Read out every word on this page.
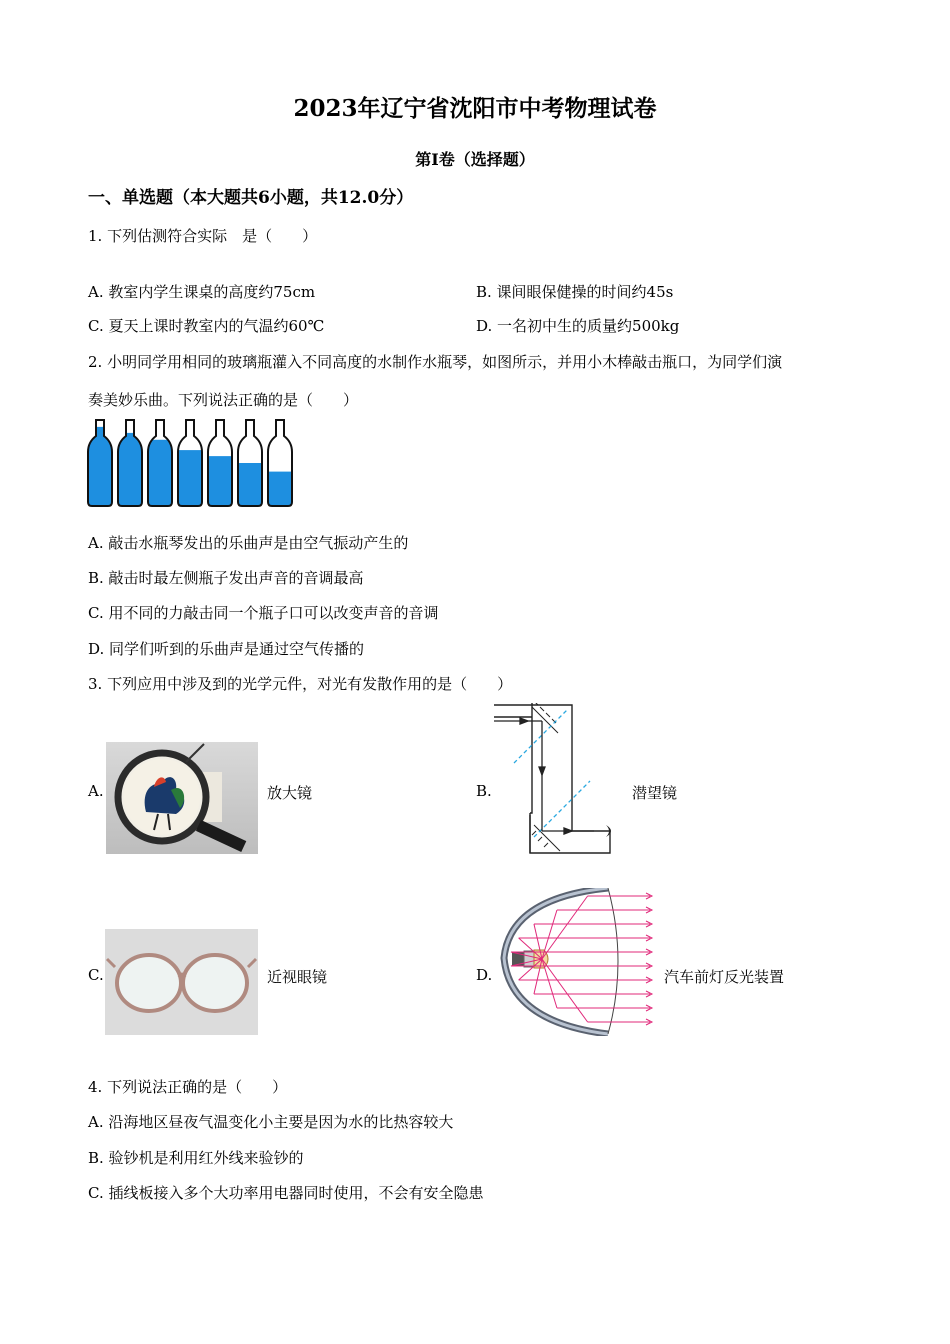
2023年辽宁省沈阳市中考物理试卷
第I卷（选择题）
一、单选题（本大题共6小题，共12.0分）
1. 下列估测符合实际　是（　　）
A. 教室内学生课桌的高度约75cm	B. 课间眼保健操的时间约45s
C. 夏天上课时教室内的气温约60℃	D. 一名初中生的质量约500kg
2. 小明同学用相同的玻璃瓶灌入不同高度的水制作水瓶琴，如图所示，并用小木棒敲击瓶口，为同学们演
奏美妙乐曲。下列说法正确的是（　　）
A. 敲击水瓶琴发出的乐曲声是由空气振动产生的
B. 敲击时最左侧瓶子发出声音的音调最高
C. 用不同的力敲击同一个瓶子口可以改变声音的音调
D. 同学们听到的乐曲声是通过空气传播的
3. 下列应用中涉及到的光学元件，对光有发散作用的是（　　）
A.	放大镜	B.	潜望镜
C.	近视眼镜	D.	汽车前灯反光装置
4. 下列说法正确的是（　　）
A. 沿海地区昼夜气温变化小主要是因为水的比热容较大
B. 验钞机是利用红外线来验钞的
C. 插线板接入多个大功率用电器同时使用，不会有安全隐患
